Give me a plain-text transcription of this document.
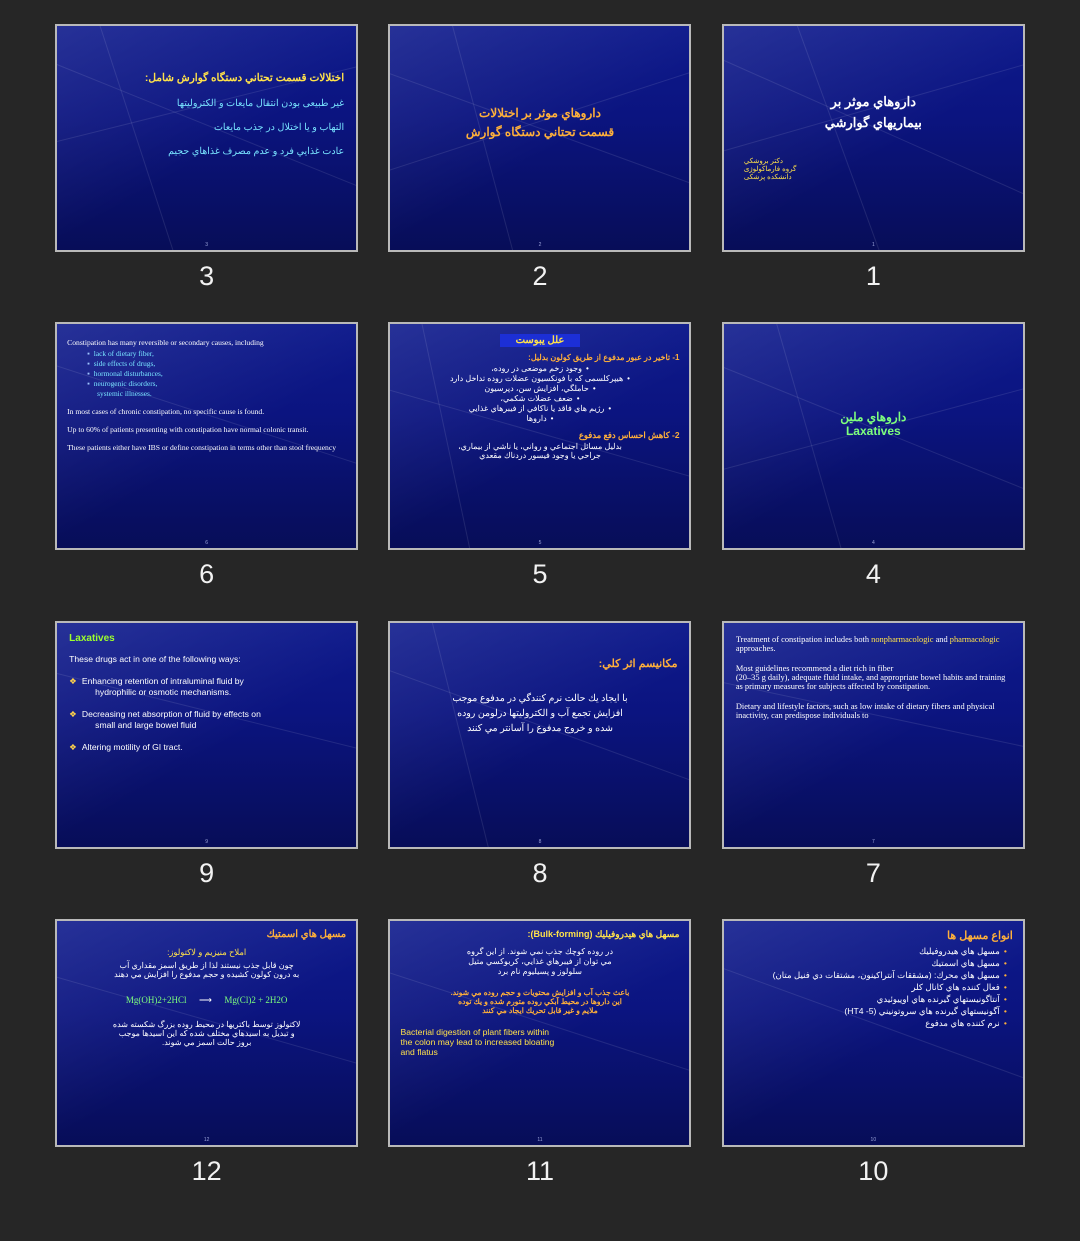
اختلالات قسمت تحتاني دستگاه گوارش شامل:
غیر طبیعی بودن انتقال مایعات و الکترولیتها
التهاب و یا اختلال در جذب مایعات
عادت غذايي فرد و عدم مصرف غذاهاي حجیم
3
3
داروهاي موثر بر اختلالات
قسمت تحتاني دستگاه گوارش
2
2
داروهاي موثر بر
بیماریهاي گوارشي
دكتر بروشكي
گروه فارماکولوژی
دانشكده پزشكی
1
1
Constipation has many reversible or secondary causes, including
▪ lack of dietary fiber,
▪ side effects of drugs,
▪ hormonal disturbances,
▪ neurogenic disorders,
systemic illnesses.
In most cases of chronic constipation, no specific cause is found.
Up to 60% of patients presenting with constipation have normal colonic transit.
These patients either have IBS or define constipation in terms other than stool frequency
6
6
علل یبوست
1- تاخیر در عبور مدفوع از طریق کولون بدلیل:
• وجود زخم موضعی در روده،
• هیپرکلسمی که با فونکسیون عضلات روده تداخل دارد
• حاملگي، افزایش سن، دپرسیون
• ضعف عضلات شکمي،
• رژیم هاي فاقد یا ناکافي از فیبرهاي غذایي
• داروها
2- کاهش احساس دفع مدفوع
بدلیل مسائل اجتماعي و رواني، یا ناشي از بیماري،
جراحي یا وجود فیسور دردناك مقعدي
5
5
داروهاي ملین
Laxatives
4
4
Laxatives
These drugs act in one of the following ways:
❖ Enhancing retention of intraluminal fluid by
hydrophilic or osmotic mechanisms.
❖ Decreasing net absorption of fluid by effects on
small and large bowel fluid
❖ Altering motility of GI tract.
9
9
مکانیسم اثر کلي:
با ایجاد یك حالت نرم کنندگي در مدفوع موجب
افزایش تجمع آب و الکترولیتها درلومن روده
شده و خروج مدفوع را آسانتر مي کنند
8
8
Treatment of constipation includes both nonpharmacologic and pharmacologic approaches.
Most guidelines recommend a diet rich in fiber
(20–35 g daily), adequate fluid intake, and appropriate bowel habits and training as primary measures for subjects affected by constipation.
Dietary and lifestyle factors, such as low intake of dietary fibers and physical inactivity, can predispose individuals to
7
7
مسهل هاي اسمتیك
املاح منیزیم و لاکتولوز:
چون قابل جذب نیستند لذا از طریق اسمز مقداري آب
به درون کولون کشیده و حجم مدفوع را افزایش مي دهند
Mg(OH)2+2HCl ⟶ Mg(Cl)2 + 2H2O
لاکتولوز توسط باکتریها در محیط روده بزرگ شکسته شده
و تبدیل به اسیدهاي مختلف شده که این اسیدها موجب
بروز حالت اسمز مي شوند.
12
12
مسهل هاي هیدروفیلیك (Bulk-forming):
در روده کوچك جذب نمي شوند. از این گروه
مي توان از فیبرهاي غذایي، کربوکسي متیل
سلولوز و پسیلیوم نام برد
باعث جذب آب و افزایش محتویات و حجم روده مي شوند.
این داروها در محیط آبكي روده متورم شده و یك توده
ملایم و غیر قابل تحریك ایجاد مي کنند
Bacterial digestion of plant fibers within
the colon may lead to increased bloating
and flatus
11
11
انواع مسهل ها
• مسهل هاي هیدروفیلیك
• مسهل هاي اسمتیك
• مسهل هاي محرك: (مشققات آنتراکینون، مشتقات دي فنیل متان)
• فعال کننده هاي کانال کلر
• آنتاگونیستهاي گیرنده هاي اوپیوئیدي
• آگونیستهاي گیرنده هاي سروتونیني (5- HT4)
• نرم کننده هاي مدفوع
10
10
